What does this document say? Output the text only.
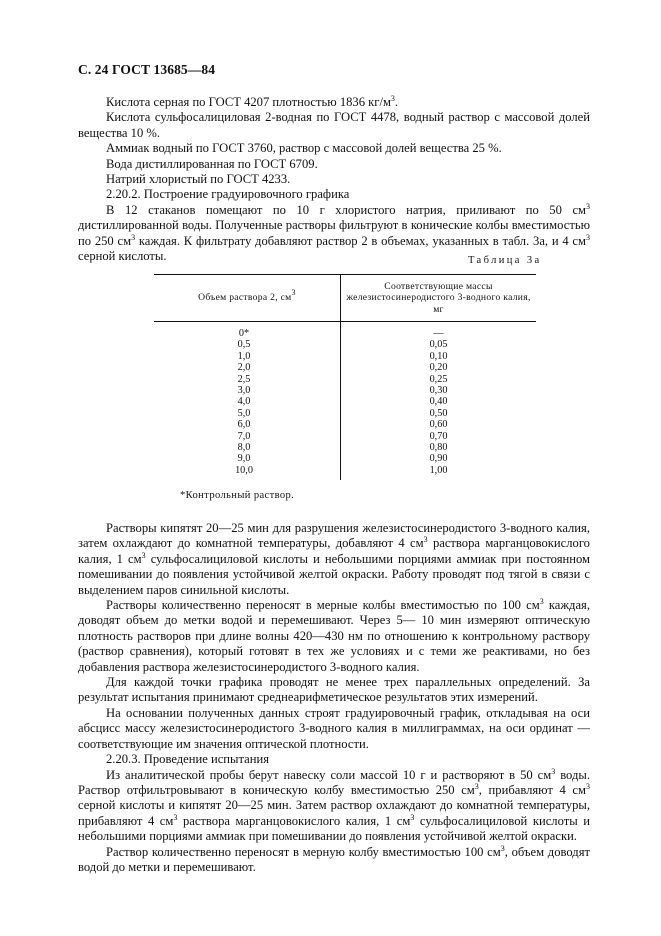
С. 24 ГОСТ 13685—84

Кислота серная по ГОСТ 4207 плотностью 1836 $кг/м^3$.

Кислота сульфосалициловая 2-водная по ГОСТ 4478, водный раствор с массовой долей вещества 10 %.

Аммиак водный по ГОСТ 3760, раствор с массовой долей вещества 25 %.

Вода дистиллированная по ГОСТ 6709.

Натрий хлористый по ГОСТ 4233.

2.20.2. Построение градуировочного графика

В 12 стаканов помещают по 10 г хлористого натрия, приливают по 50 $см^3$ дистиллированной воды. Полученные растворы фильтруют в конические колбы вместимостью по 250 $см^3$ каждая. К фильтрату добавляют раствор 2 в объемах, указанных в табл. 3а, и 4 $см^3$ серной кислоты.	Таблица 3а
Объем раствора 2, $см^3$	Соответствующие массы
железистосинеродистого 3-водного калия,
мг
0*	—
0,5	0,05
1,0	0,10
2,0	0,20
2,5	0,25
3,0	0,30
4,0	0,40
5,0	0,50
6,0	0,60
7,0	0,70
8,0	0,80
9,0	0,90
10,0	1,00
*Контрольный раствор.

Растворы кипятят 20—25 мин для разрушения железистосинеродистого 3-водного калия, затем охлаждают до комнатной температуры, добавляют 4 $см^3$ раствора марганцовокислого калия, 1 $см^3$ сульфосалициловой кислоты и небольшими порциями аммиак при постоянном помешивании до появления устойчивой желтой окраски. Работу проводят под тягой в связи с выделением паров синильной кислоты.

Растворы количественно переносят в мерные колбы вместимостью по 100 $см^3$ каждая, доводят объем до метки водой и перемешивают. Через 5— 10 мин измеряют оптическую плотность растворов при длине волны 420—430 нм по отношению к контрольному раствору (раствор сравнения), который готовят в тех же условиях и с теми же реактивами, но без добавления раствора железистосинеродистого 3-водного калия.

Для каждой точки графика проводят не менее трех параллельных определений. За результат испытания принимают среднеарифметическое результатов этих измерений.

На основании полученных данных строят градуировочный график, откладывая на оси абсцисс массу железистосинеродистого 3-водного калия в миллиграммах, на оси ординат — соответствующие им значения оптической плотности.

2.20.3. Проведение испытания

Из аналитической пробы берут навеску соли массой 10 г и растворяют в 50 $см^3$ воды. Раствор отфильтровывают в коническую колбу вместимостью 250 $см^3$, прибавляют 4 $см^3$ серной кислоты и кипятят 20—25 мин. Затем раствор охлаждают до комнатной температуры, прибавляют 4 $см^3$ раствора марганцовокислого калия, 1 $см^3$ сульфосалициловой кислоты и небольшими порциями аммиак при помешивании до появления устойчивой желтой окраски.

Раствор количественно переносят в мерную колбу вместимостью 100 $см^3$, объем доводят водой до метки и перемешивают.
